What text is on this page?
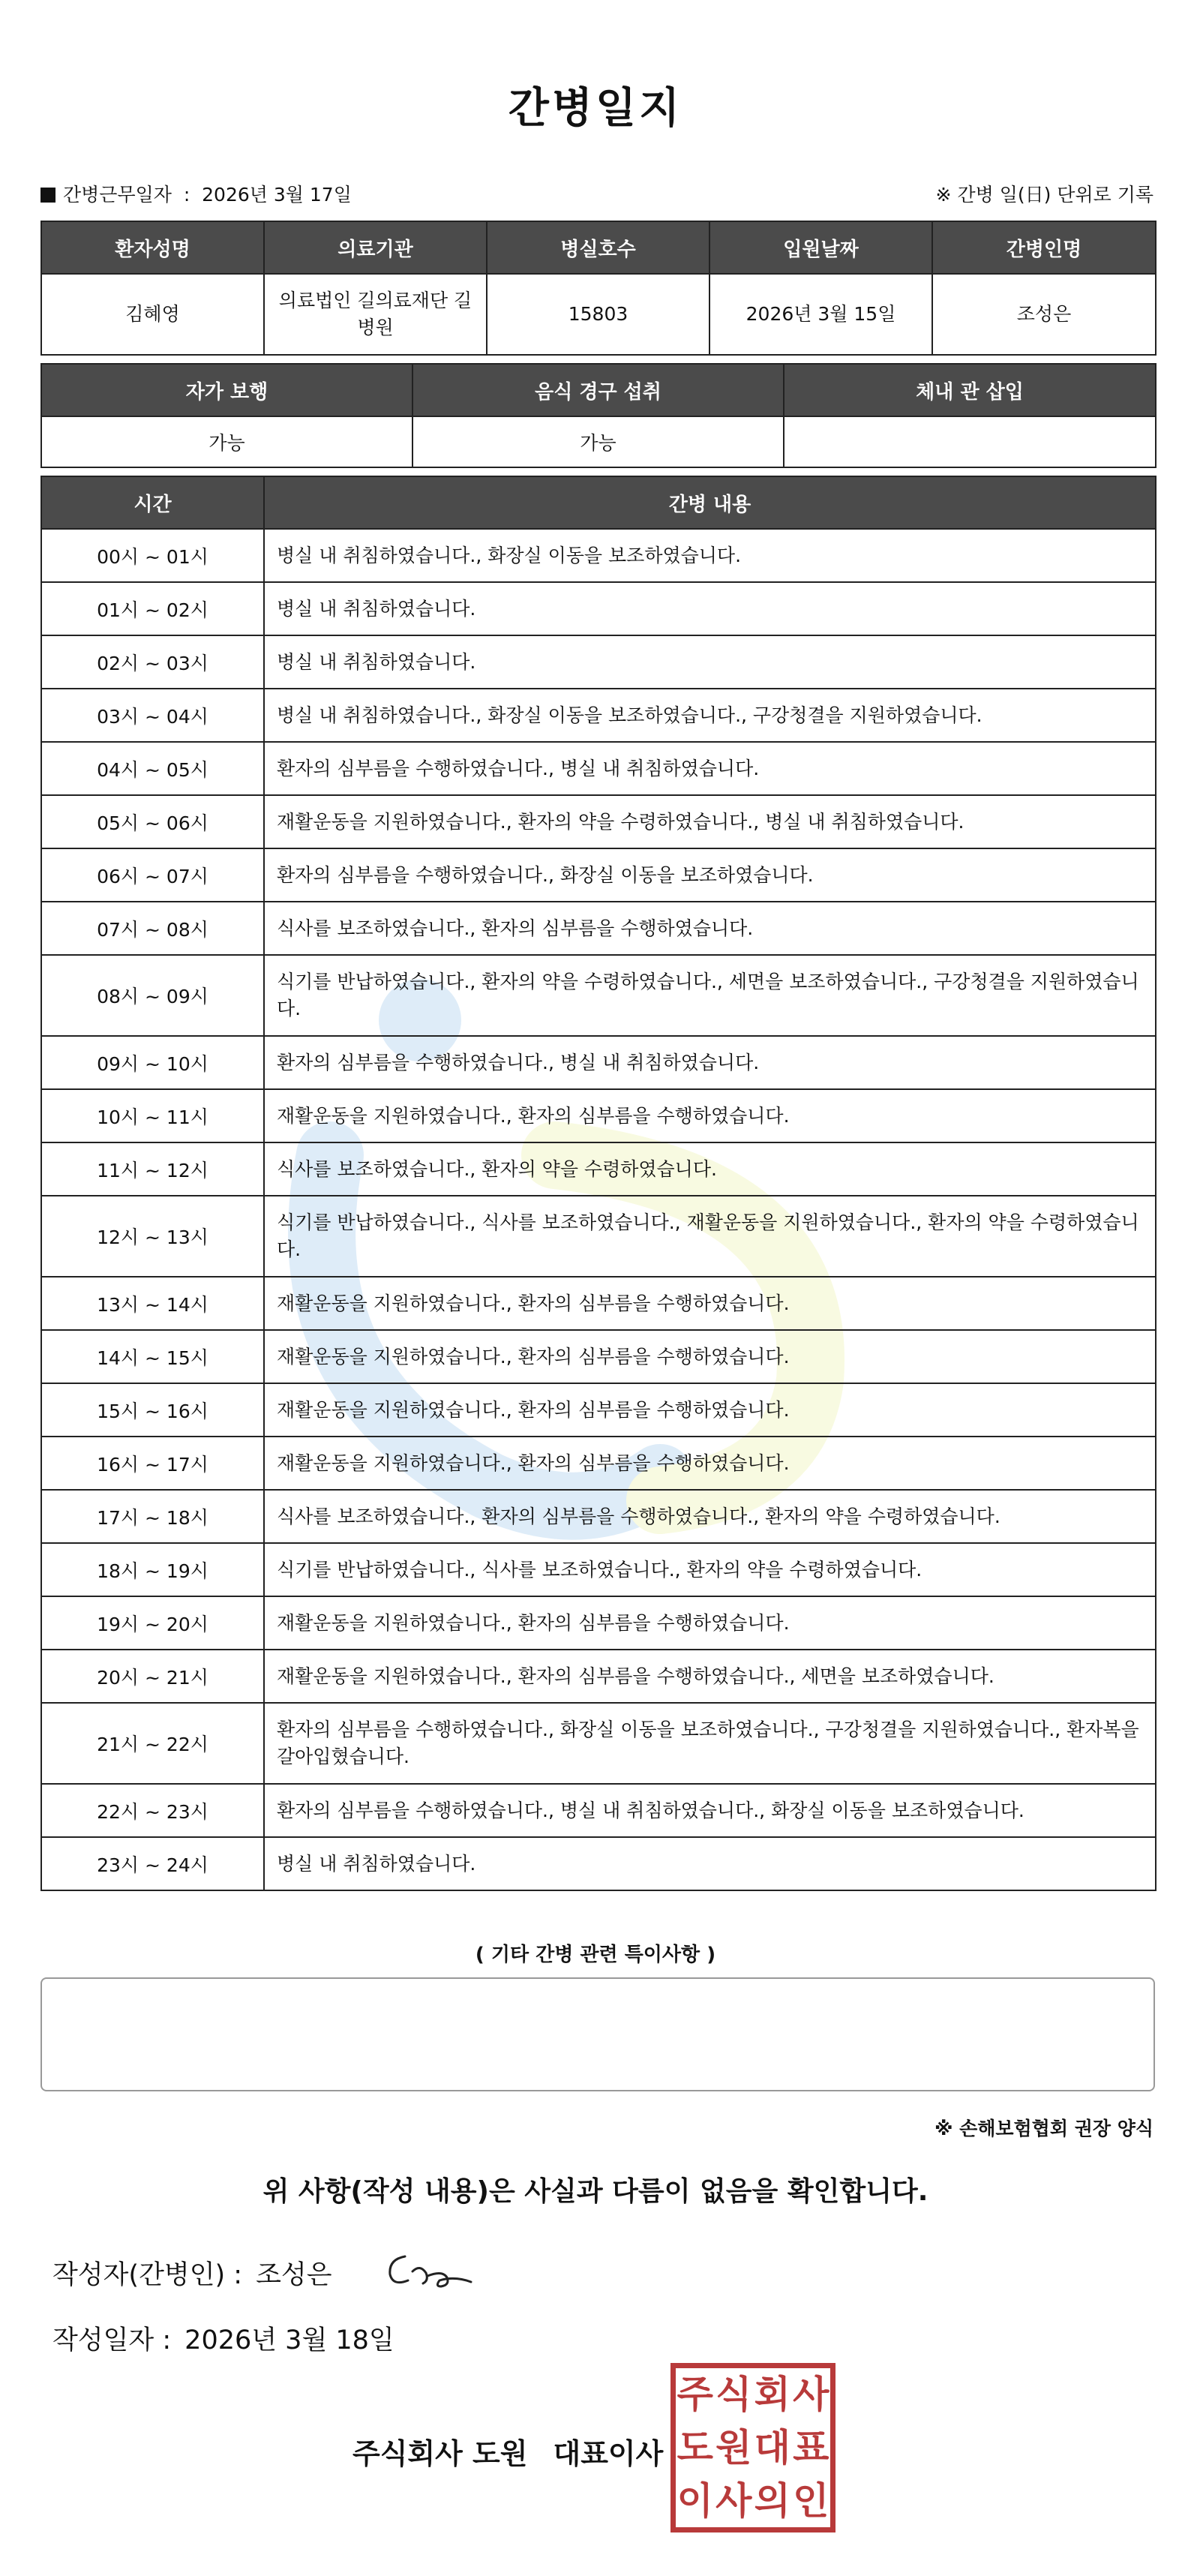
간병일지
간병근무일자 : 2026년 3월 17일	※ 간병 일(日) 단위로 기록
환자성명	의료기관	병실호수	입원날짜	간병인명
김혜영	의료법인 길의료재단 길병원	15803	2026년 3월 15일	조성은
자가 보행	음식 경구 섭취	체내 관 삽입
가능	가능	
시간	간병 내용
00시 ~ 01시	병실 내 취침하였습니다., 화장실 이동을 보조하였습니다.
01시 ~ 02시	병실 내 취침하였습니다.
02시 ~ 03시	병실 내 취침하였습니다.
03시 ~ 04시	병실 내 취침하였습니다., 화장실 이동을 보조하였습니다., 구강청결을 지원하였습니다.
04시 ~ 05시	환자의 심부름을 수행하였습니다., 병실 내 취침하였습니다.
05시 ~ 06시	재활운동을 지원하였습니다., 환자의 약을 수령하였습니다., 병실 내 취침하였습니다.
06시 ~ 07시	환자의 심부름을 수행하였습니다., 화장실 이동을 보조하였습니다.
07시 ~ 08시	식사를 보조하였습니다., 환자의 심부름을 수행하였습니다.
08시 ~ 09시	식기를 반납하였습니다., 환자의 약을 수령하였습니다., 세면을 보조하였습니다., 구강청결을 지원하였습니다.
09시 ~ 10시	환자의 심부름을 수행하였습니다., 병실 내 취침하였습니다.
10시 ~ 11시	재활운동을 지원하였습니다., 환자의 심부름을 수행하였습니다.
11시 ~ 12시	식사를 보조하였습니다., 환자의 약을 수령하였습니다.
12시 ~ 13시	식기를 반납하였습니다., 식사를 보조하였습니다., 재활운동을 지원하였습니다., 환자의 약을 수령하였습니다.
13시 ~ 14시	재활운동을 지원하였습니다., 환자의 심부름을 수행하였습니다.
14시 ~ 15시	재활운동을 지원하였습니다., 환자의 심부름을 수행하였습니다.
15시 ~ 16시	재활운동을 지원하였습니다., 환자의 심부름을 수행하였습니다.
16시 ~ 17시	재활운동을 지원하였습니다., 환자의 심부름을 수행하였습니다.
17시 ~ 18시	식사를 보조하였습니다., 환자의 심부름을 수행하였습니다., 환자의 약을 수령하였습니다.
18시 ~ 19시	식기를 반납하였습니다., 식사를 보조하였습니다., 환자의 약을 수령하였습니다.
19시 ~ 20시	재활운동을 지원하였습니다., 환자의 심부름을 수행하였습니다.
20시 ~ 21시	재활운동을 지원하였습니다., 환자의 심부름을 수행하였습니다., 세면을 보조하였습니다.
21시 ~ 22시	환자의 심부름을 수행하였습니다., 화장실 이동을 보조하였습니다., 구강청결을 지원하였습니다., 환자복을 갈아입혔습니다.
22시 ~ 23시	환자의 심부름을 수행하였습니다., 병실 내 취침하였습니다., 화장실 이동을 보조하였습니다.
23시 ~ 24시	병실 내 취침하였습니다.
( 기타 간병 관련 특이사항 )
※ 손해보험협회 권장 양식
위 사항(작성 내용)은 사실과 다름이 없음을 확인합니다.
작성자(간병인) : 조성은
작성일자 : 2026년 3월 18일
주식회사 도원 대표이사
주 식 회 사
도 원 대 표
이 사 의 인
